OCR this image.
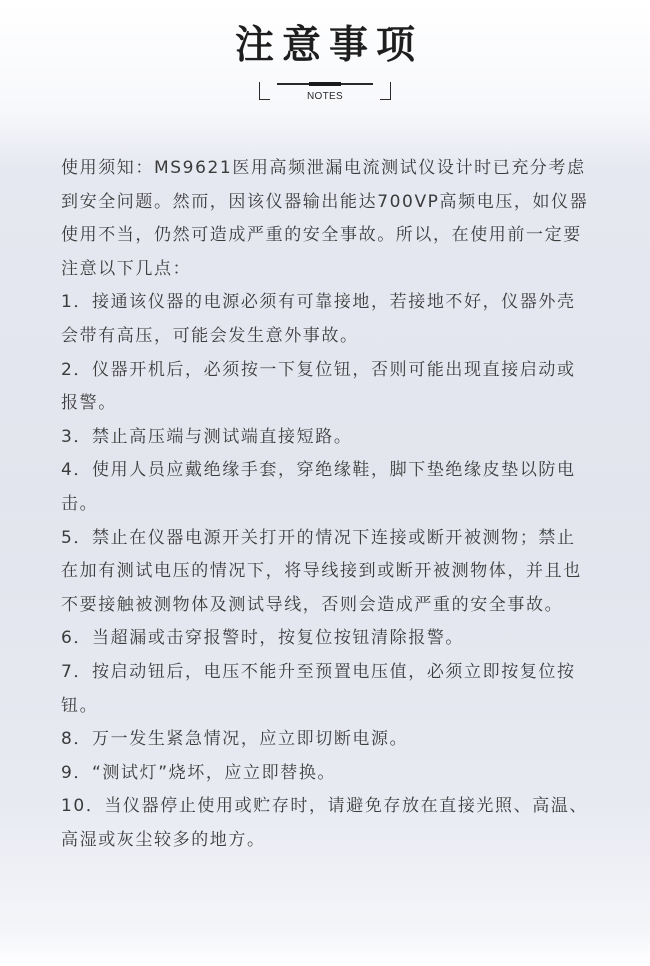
注意事项
NOTES

使用须知：MS9621医用高频泄漏电流测试仪设计时已充分考虑到安全问题。然而，因该仪器输出能达700VP高频电压，如仪器使用不当，仍然可造成严重的安全事故。所以，在使用前一定要注意以下几点：

1．接通该仪器的电源必须有可靠接地，若接地不好，仪器外壳会带有高压，可能会发生意外事故。

2．仪器开机后，必须按一下复位钮，否则可能出现直接启动或报警。

3．禁止高压端与测试端直接短路。

4．使用人员应戴绝缘手套，穿绝缘鞋，脚下垫绝缘皮垫以防电击。

5．禁止在仪器电源开关打开的情况下连接或断开被测物；禁止在加有测试电压的情况下，将导线接到或断开被测物体，并且也不要接触被测物体及测试导线，否则会造成严重的安全事故。

6．当超漏或击穿报警时，按复位按钮清除报警。

7．按启动钮后，电压不能升至预置电压值，必须立即按复位按钮。

8．万一发生紧急情况，应立即切断电源。

9．“测试灯”烧坏，应立即替换。

10．当仪器停止使用或贮存时，请避免存放在直接光照、高温、高湿或灰尘较多的地方。
